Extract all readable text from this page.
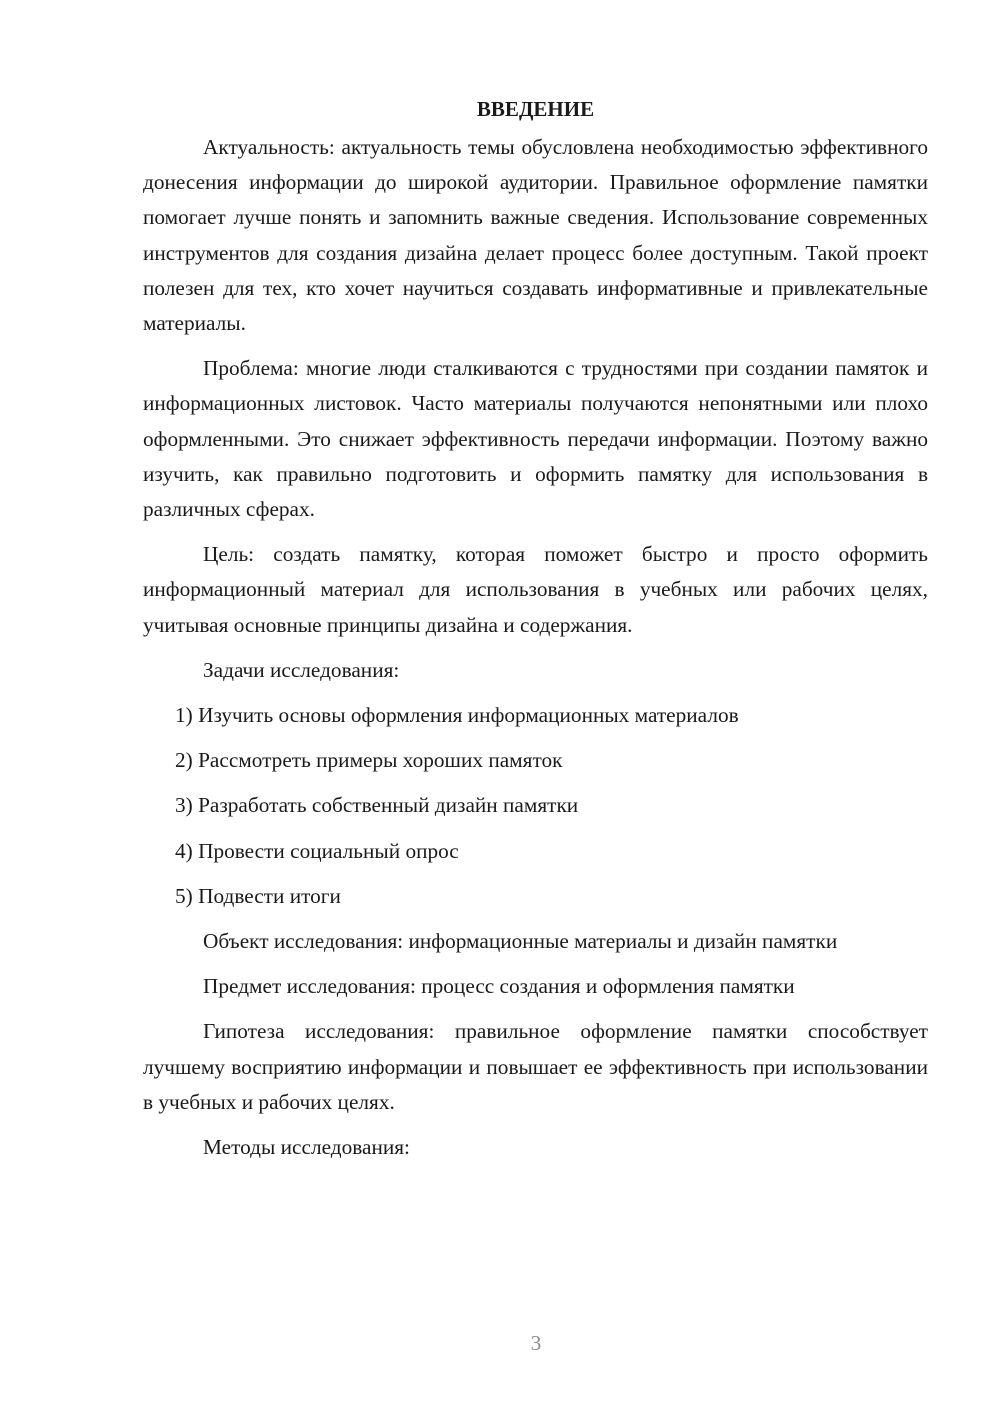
ВВЕДЕНИЕ

Актуальность: актуальность темы обусловлена необходимостью эффективного донесения информации до широкой аудитории. Правильное оформление памятки помогает лучше понять и запомнить важные сведения. Использование современных инструментов для создания дизайна делает процесс более доступным. Такой проект полезен для тех, кто хочет научиться создавать информативные и привлекательные материалы.

Проблема: многие люди сталкиваются с трудностями при создании памяток и информационных листовок. Часто материалы получаются непонятными или плохо оформленными. Это снижает эффективность передачи информации. Поэтому важно изучить, как правильно подготовить и оформить памятку для использования в различных сферах.

Цель: создать памятку, которая поможет быстро и просто оформить информационный материал для использования в учебных или рабочих целях, учитывая основные принципы дизайна и содержания.

Задачи исследования:

1) Изучить основы оформления информационных материалов

2) Рассмотреть примеры хороших памяток

3) Разработать собственный дизайн памятки

4) Провести социальный опрос

5) Подвести итоги

Объект исследования: информационные материалы и дизайн памятки

Предмет исследования: процесс создания и оформления памятки

Гипотеза исследования: правильное оформление памятки способствует лучшему восприятию информации и повышает ее эффективность при использовании в учебных и рабочих целях.

Методы исследования:

3
